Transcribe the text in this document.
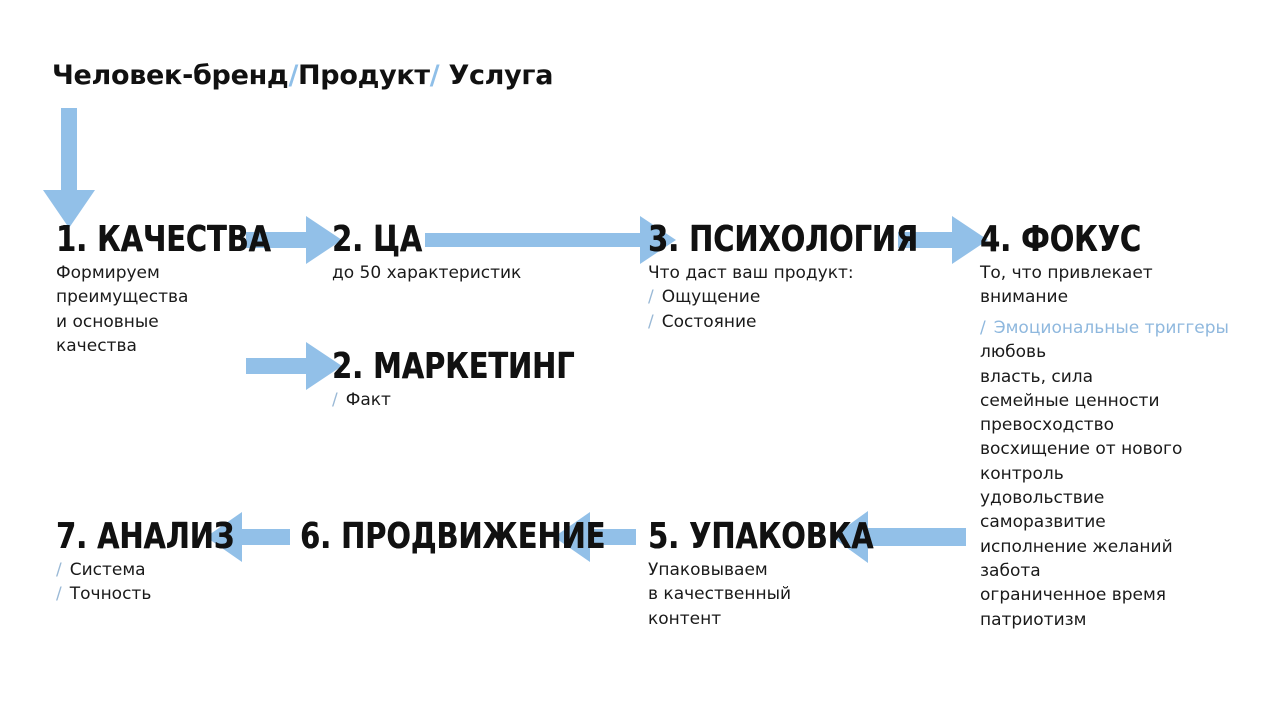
Человек-бренд/Продукт/ Услуга
1. КАЧЕСТВА
Формируем
преимущества
и основные
качества
2. ЦА
до 50 характеристик
2. МАРКЕТИНГ
/ Факт
3. ПСИХОЛОГИЯ
Что даст ваш продукт:
/ Ощущение
/ Состояние
4. ФОКУС
То, что привлекает
внимание
/ Эмоциональные триггеры
любовь
власть, сила
семейные ценности
превосходство
восхищение от нового
контроль
удовольствие
саморазвитие
исполнение желаний
забота
ограниченное время
патриотизм
5. УПАКОВКА
Упаковываем
в качественный
контент
6. ПРОДВИЖЕНИЕ
7. АНАЛИЗ
/ Система
/ Точность
